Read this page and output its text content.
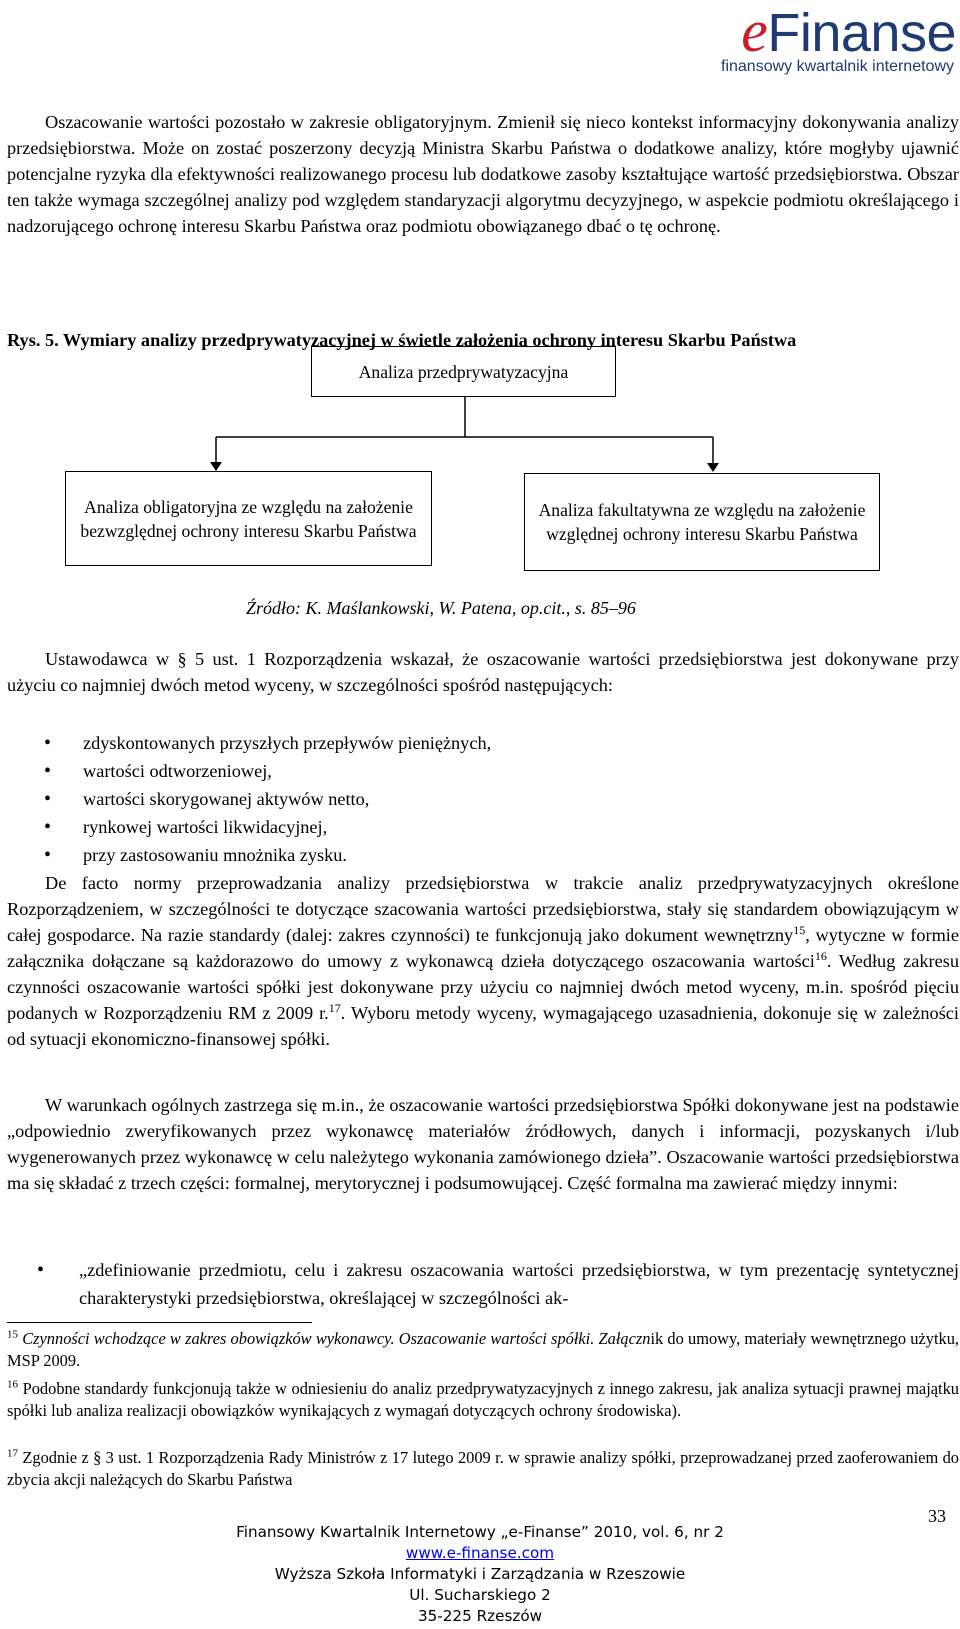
eFinanse
finansowy kwartalnik internetowy

Oszacowanie wartości pozostało w zakresie obligatoryjnym. Zmienił się nieco kontekst informacyjny dokonywania analizy przedsiębiorstwa. Może on zostać poszerzony decyzją Ministra Skarbu Państwa o dodatkowe analizy, które mogłyby ujawnić potencjalne ryzyka dla efektywności realizowanego procesu lub dodatkowe zasoby kształtujące wartość przedsiębiorstwa. Obszar ten także wymaga szczególnej analizy pod względem standaryzacji algorytmu decyzyjnego, w aspekcie podmiotu określającego i nadzorującego ochronę interesu Skarbu Państwa oraz podmiotu obowiązanego dbać o tę ochronę.

Rys. 5. Wymiary analizy przedprywatyzacyjnej w świetle założenia ochrony interesu Skarbu Państwa

Analiza przedprywatyzacyjna
Analiza obligatoryjna ze względu na założenie bezwzględnej ochrony interesu Skarbu Państwa
Analiza fakultatywna ze względu na założenie względnej ochrony interesu Skarbu Państwa
Źródło: K. Maślankowski, W. Patena, op.cit., s. 85–96

Ustawodawca w § 5 ust. 1 Rozporządzenia wskazał, że oszacowanie wartości przedsiębiorstwa jest dokonywane przy użyciu co najmniej dwóch metod wyceny, w szczególności spośród następujących:

• zdyskontowanych przyszłych przepływów pieniężnych,
• wartości odtworzeniowej,
• wartości skorygowanej aktywów netto,
• rynkowej wartości likwidacyjnej,
• przy zastosowaniu mnożnika zysku.

De facto normy przeprowadzania analizy przedsiębiorstwa w trakcie analiz przedprywatyzacyjnych określone Rozporządzeniem, w szczególności te dotyczące szacowania wartości przedsiębiorstwa, stały się standardem obowiązującym w całej gospodarce. Na razie standardy (dalej: zakres czynności) te funkcjonują jako dokument wewnętrzny$^{15}$, wytyczne w formie załącznika dołączane są każdorazowo do umowy z wykonawcą dzieła dotyczącego oszacowania wartości$^{16}$. Według zakresu czynności oszacowanie wartości spółki jest dokonywane przy użyciu co najmniej dwóch metod wyceny, m.in. spośród pięciu podanych w Rozporządzeniu RM z 2009 r.$^{17}$. Wyboru metody wyceny, wymagającego uzasadnienia, dokonuje się w zależności od sytuacji ekonomiczno-finansowej spółki.

W warunkach ogólnych zastrzega się m.in., że oszacowanie wartości przedsiębiorstwa Spółki dokonywane jest na podstawie „odpowiednio zweryfikowanych przez wykonawcę materiałów źródłowych, danych i informacji, pozyskanych i/lub wygenerowanych przez wykonawcę w celu należytego wykonania zamówionego dzieła”. Oszacowanie wartości przedsiębiorstwa ma się składać z trzech części: formalnej, merytorycznej i podsumowującej. Część formalna ma zawierać między innymi:

• „zdefiniowanie przedmiotu, celu i zakresu oszacowania wartości przedsiębiorstwa, w tym prezentację syntetycznej charakterystyki przedsiębiorstwa, określającej w szczególności ak-

$^{15}$ Czynności wchodzące w zakres obowiązków wykonawcy. Oszacowanie wartości spółki. Załącznik do umowy, materiały wewnętrznego użytku, MSP 2009.

$^{16}$ Podobne standardy funkcjonują także w odniesieniu do analiz przedprywatyzacyjnych z innego zakresu, jak analiza sytuacji prawnej majątku spółki lub analiza realizacji obowiązków wynikających z wymagań dotyczących ochrony środowiska).

$^{17}$ Zgodnie z § 3 ust. 1 Rozporządzenia Rady Ministrów z 17 lutego 2009 r. w sprawie analizy spółki, przeprowadzanej przed zaoferowaniem do zbycia akcji należących do Skarbu Państwa

33
Finansowy Kwartalnik Internetowy „e-Finanse” 2010, vol. 6, nr 2
www.e-finanse.com
Wyższa Szkoła Informatyki i Zarządzania w Rzeszowie
Ul. Sucharskiego 2
35-225 Rzeszów
